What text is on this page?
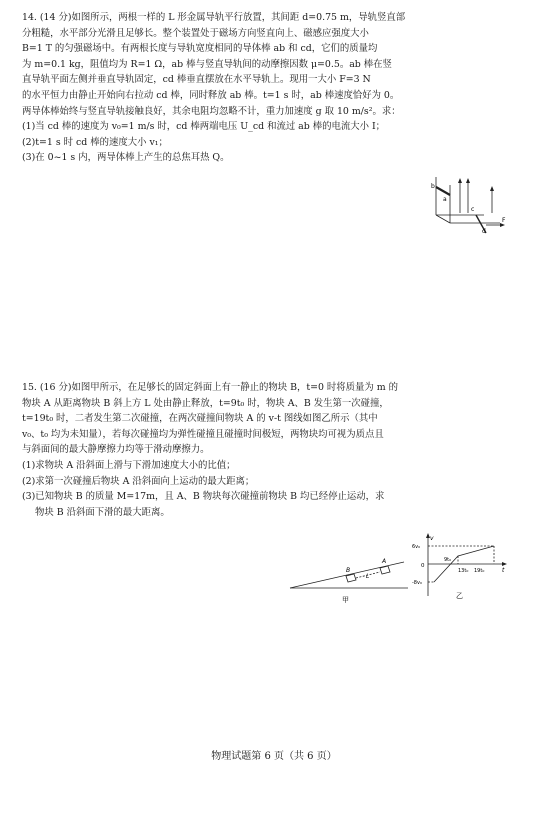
14. (14 分)如图所示，两根一样的 L 形金属导轨平行放置，其间距 d=0.75 m，导轨竖直部
分粗糙，水平部分光滑且足够长。整个装置处于磁场方向竖直向上、磁感应强度大小
B=1 T 的匀强磁场中。有两根长度与导轨宽度相同的导体棒 ab 和 cd，它们的质量均
为 m=0.1 kg，阻值均为 R=1 Ω，ab 棒与竖直导轨间的动摩擦因数 μ=0.5。ab 棒在竖
直导轨平面左侧并垂直导轨固定，cd 棒垂直摆放在水平导轨上。现用一大小 F=3 N
的水平恒力由静止开始向右拉动 cd 棒，同时释放 ab 棒。t=1 s 时，ab 棒速度恰好为 0。
两导体棒始终与竖直导轨接触良好，其余电阻均忽略不计，重力加速度 g 取 10 m/s²。求：
(1)当 cd 棒的速度为 v₀=1 m/s 时，cd 棒两端电压 U_cd 和流过 ab 棒的电流大小 I；
(2)t=1 s 时 cd 棒的速度大小 v₁；
(3)在 0~1 s 内，两导体棒上产生的总焦耳热 Q。
b
a
c
d
F
15. (16 分)如图甲所示，在足够长的固定斜面上有一静止的物块 B，t=0 时将质量为 m 的
物块 A 从距离物块 B 斜上方 L 处由静止释放，t=9t₀ 时，物块 A、B 发生第一次碰撞，
t=19t₀ 时，二者发生第二次碰撞，在两次碰撞间物块 A 的 v-t 图线如图乙所示（其中
v₀、t₀ 均为未知量），若每次碰撞均为弹性碰撞且碰撞时间极短，两物块均可视为质点且
与斜面间的最大静摩擦力均等于滑动摩擦力。
(1)求物块 A 沿斜面上滑与下滑加速度大小的比值；
(2)求第一次碰撞后物块 A 沿斜面向上运动的最大距离；
(3)已知物块 B 的质量 M=17m，且 A、B 物块每次碰撞前物块 B 均已经停止运动，求
物块 B 沿斜面下滑的最大距离。
B
A
L
甲
v
t
0
6v₀
-8v₀
9t₀
13t₀ 19t₀
乙
物理试题第 6 页（共 6 页）
